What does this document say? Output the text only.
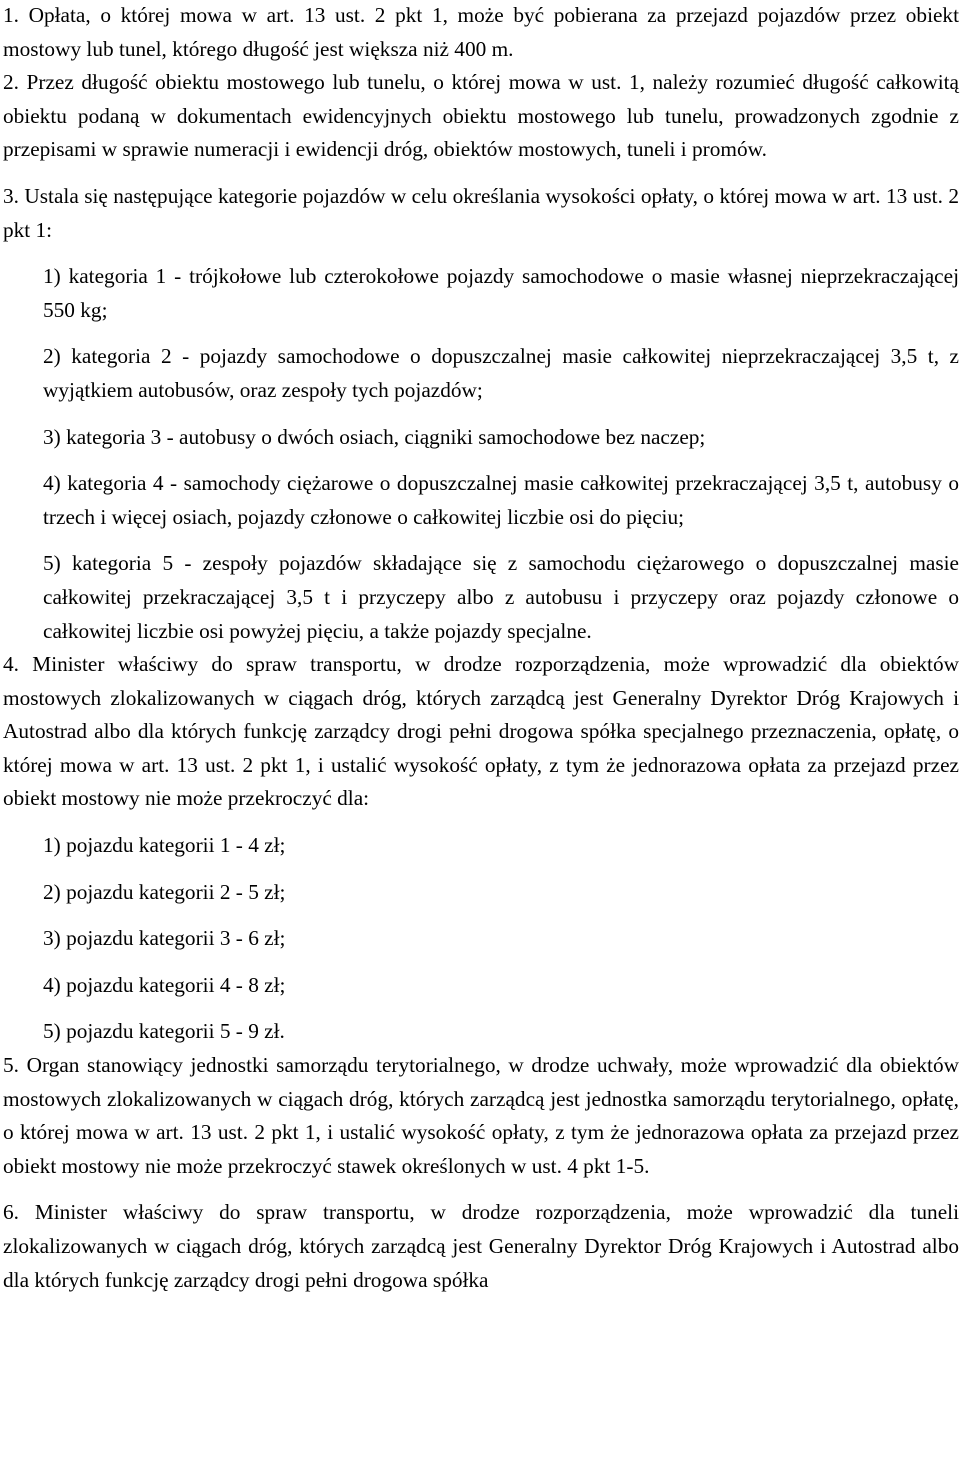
1. Opłata, o której mowa w art. 13 ust. 2 pkt 1, może być pobierana za przejazd pojazdów przez obiekt mostowy lub tunel, którego długość jest większa niż 400 m.

2. Przez długość obiektu mostowego lub tunelu, o której mowa w ust. 1, należy rozumieć długość całkowitą obiektu podaną w dokumentach ewidencyjnych obiektu mostowego lub tunelu, prowadzonych zgodnie z przepisami w sprawie numeracji i ewidencji dróg, obiektów mostowych, tuneli i promów.

3. Ustala się następujące kategorie pojazdów w celu określania wysokości opłaty, o której mowa w art. 13 ust. 2 pkt 1:

1) kategoria 1 - trójkołowe lub czterokołowe pojazdy samochodowe o masie własnej nieprzekraczającej 550 kg;

2) kategoria 2 - pojazdy samochodowe o dopuszczalnej masie całkowitej nieprzekraczającej 3,5 t, z wyjątkiem autobusów, oraz zespoły tych pojazdów;

3) kategoria 3 - autobusy o dwóch osiach, ciągniki samochodowe bez naczep;

4) kategoria 4 - samochody ciężarowe o dopuszczalnej masie całkowitej przekraczającej 3,5 t, autobusy o trzech i więcej osiach, pojazdy członowe o całkowitej liczbie osi do pięciu;

5) kategoria 5 - zespoły pojazdów składające się z samochodu ciężarowego o dopuszczalnej masie całkowitej przekraczającej 3,5 t i przyczepy albo z autobusu i przyczepy oraz pojazdy członowe o całkowitej liczbie osi powyżej pięciu, a także pojazdy specjalne.

4. Minister właściwy do spraw transportu, w drodze rozporządzenia, może wprowadzić dla obiektów mostowych zlokalizowanych w ciągach dróg, których zarządcą jest Generalny Dyrektor Dróg Krajowych i Autostrad albo dla których funkcję zarządcy drogi pełni drogowa spółka specjalnego przeznaczenia, opłatę, o której mowa w art. 13 ust. 2 pkt 1, i ustalić wysokość opłaty, z tym że jednorazowa opłata za przejazd przez obiekt mostowy nie może przekroczyć dla:

1) pojazdu kategorii 1 - 4 zł;

2) pojazdu kategorii 2 - 5 zł;

3) pojazdu kategorii 3 - 6 zł;

4) pojazdu kategorii 4 - 8 zł;

5) pojazdu kategorii 5 - 9 zł.

5. Organ stanowiący jednostki samorządu terytorialnego, w drodze uchwały, może wprowadzić dla obiektów mostowych zlokalizowanych w ciągach dróg, których zarządcą jest jednostka samorządu terytorialnego, opłatę, o której mowa w art. 13 ust. 2 pkt 1, i ustalić wysokość opłaty, z tym że jednorazowa opłata za przejazd przez obiekt mostowy nie może przekroczyć stawek określonych w ust. 4 pkt 1-5.

6. Minister właściwy do spraw transportu, w drodze rozporządzenia, może wprowadzić dla tuneli zlokalizowanych w ciągach dróg, których zarządcą jest Generalny Dyrektor Dróg Krajowych i Autostrad albo dla których funkcję zarządcy drogi pełni drogowa spółka
